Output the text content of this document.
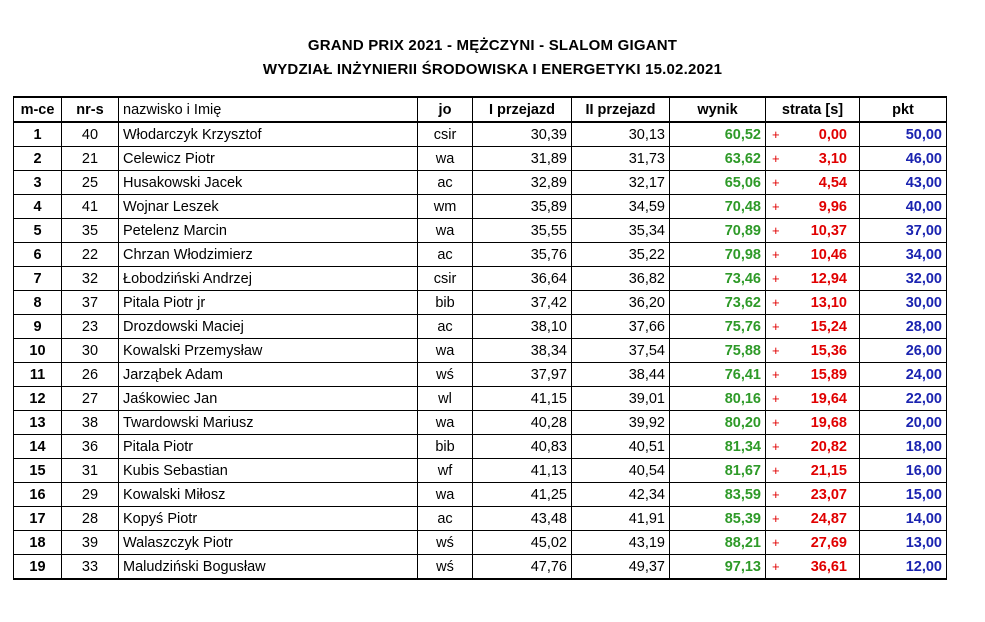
GRAND PRIX 2021 - MĘŻCZYNI - SLALOM GIGANT
WYDZIAŁ INŻYNIERII ŚRODOWISKA I ENERGETYKI 15.02.2021
m-ce	nr-s	nazwisko i Imię	jo	I przejazd	II przejazd	wynik	strata [s]	pkt
1	40	Włodarczyk Krzysztof	csir	30,39	30,13	60,52	+ 0,00	50,00
2	21	Celewicz Piotr	wa	31,89	31,73	63,62	+ 3,10	46,00
3	25	Husakowski Jacek	ac	32,89	32,17	65,06	+ 4,54	43,00
4	41	Wojnar Leszek	wm	35,89	34,59	70,48	+ 9,96	40,00
5	35	Petelenz Marcin	wa	35,55	35,34	70,89	+ 10,37	37,00
6	22	Chrzan Włodzimierz	ac	35,76	35,22	70,98	+ 10,46	34,00
7	32	Łobodziński Andrzej	csir	36,64	36,82	73,46	+ 12,94	32,00
8	37	Pitala Piotr jr	bib	37,42	36,20	73,62	+ 13,10	30,00
9	23	Drozdowski Maciej	ac	38,10	37,66	75,76	+ 15,24	28,00
10	30	Kowalski Przemysław	wa	38,34	37,54	75,88	+ 15,36	26,00
11	26	Jarząbek Adam	wś	37,97	38,44	76,41	+ 15,89	24,00
12	27	Jaśkowiec Jan	wl	41,15	39,01	80,16	+ 19,64	22,00
13	38	Twardowski Mariusz	wa	40,28	39,92	80,20	+ 19,68	20,00
14	36	Pitala Piotr	bib	40,83	40,51	81,34	+ 20,82	18,00
15	31	Kubis Sebastian	wf	41,13	40,54	81,67	+ 21,15	16,00
16	29	Kowalski Miłosz	wa	41,25	42,34	83,59	+ 23,07	15,00
17	28	Kopyś Piotr	ac	43,48	41,91	85,39	+ 24,87	14,00
18	39	Walaszczyk Piotr	wś	45,02	43,19	88,21	+ 27,69	13,00
19	33	Maludziński Bogusław	wś	47,76	49,37	97,13	+ 36,61	12,00
